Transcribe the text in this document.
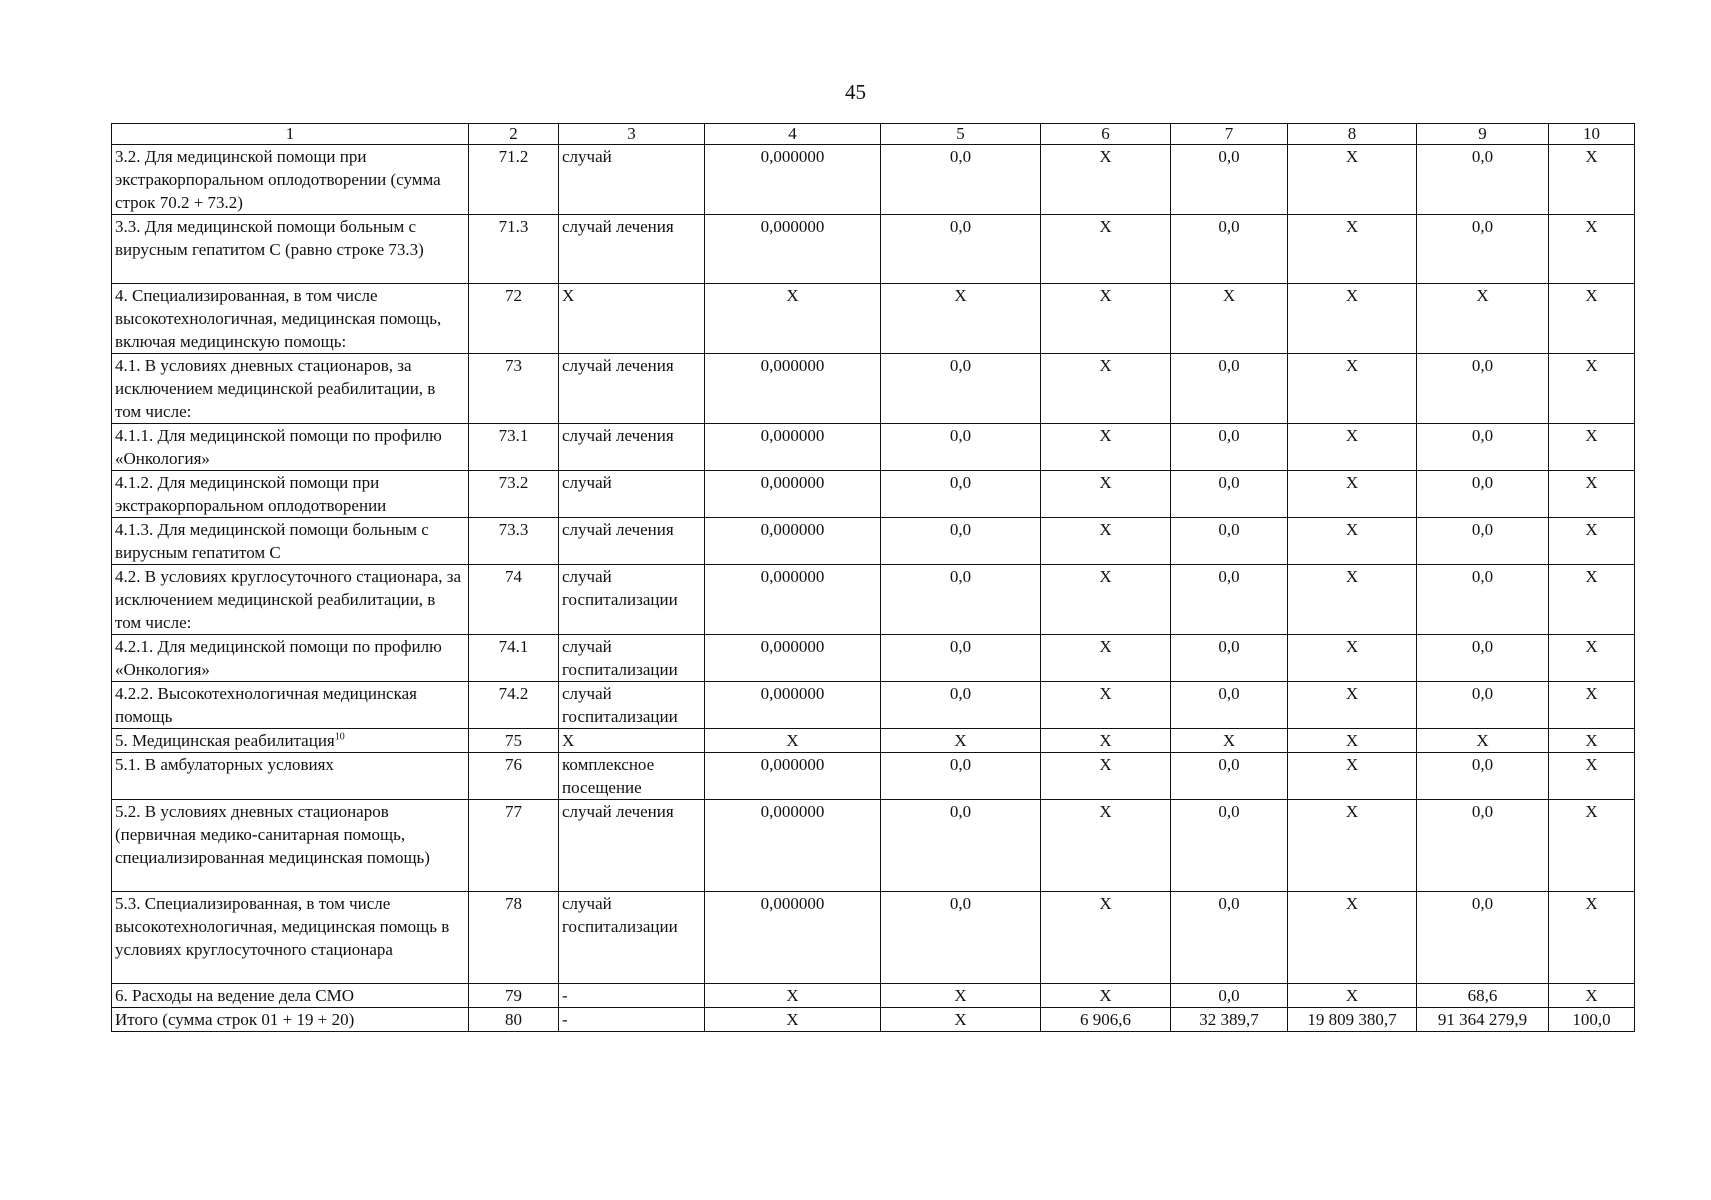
45
1	2	3	4	5	6	7	8	9	10
3.2. Для медицинской помощи при экстракорпоральном оплодотворении (сумма строк 70.2 + 73.2)	71.2	случай	0,000000	0,0	X	0,0	X	0,0	X
3.3. Для медицинской помощи больным с вирусным гепатитом С (равно строке 73.3)	71.3	случай лечения	0,000000	0,0	X	0,0	X	0,0	X
4. Специализированная, в том числе высокотехнологичная, медицинская помощь, включая медицинскую помощь:	72	X	X	X	X	X	X	X	X
4.1. В условиях дневных стационаров, за исключением медицинской реабилитации, в том числе:	73	случай лечения	0,000000	0,0	X	0,0	X	0,0	X
4.1.1. Для медицинской помощи по профилю «Онкология»	73.1	случай лечения	0,000000	0,0	X	0,0	X	0,0	X
4.1.2. Для медицинской помощи при экстракорпоральном оплодотворении	73.2	случай	0,000000	0,0	X	0,0	X	0,0	X
4.1.3. Для медицинской помощи больным с вирусным гепатитом С	73.3	случай лечения	0,000000	0,0	X	0,0	X	0,0	X
4.2. В условиях круглосуточного стационара, за исключением медицинской реабилитации, в том числе:	74	случай госпитализации	0,000000	0,0	X	0,0	X	0,0	X
4.2.1. Для медицинской помощи по профилю «Онкология»	74.1	случай госпитализации	0,000000	0,0	X	0,0	X	0,0	X
4.2.2. Высокотехнологичная медицинская помощь	74.2	случай госпитализации	0,000000	0,0	X	0,0	X	0,0	X
5. Медицинская реабилитация$^{10}$	75	X	X	X	X	X	X	X	X
5.1. В амбулаторных условиях	76	комплексное посещение	0,000000	0,0	X	0,0	X	0,0	X
5.2. В условиях дневных стационаров (первичная медико-санитарная помощь, специализированная медицинская помощь)	77	случай лечения	0,000000	0,0	X	0,0	X	0,0	X
5.3. Специализированная, в том числе высокотехнологичная, медицинская помощь в условиях круглосуточного стационара	78	случай госпитализации	0,000000	0,0	X	0,0	X	0,0	X
6. Расходы на ведение дела СМО	79	-	X	X	X	0,0	X	68,6	X
Итого (сумма строк 01 + 19 + 20)	80	-	X	X	6 906,6	32 389,7	19 809 380,7	91 364 279,9	100,0
